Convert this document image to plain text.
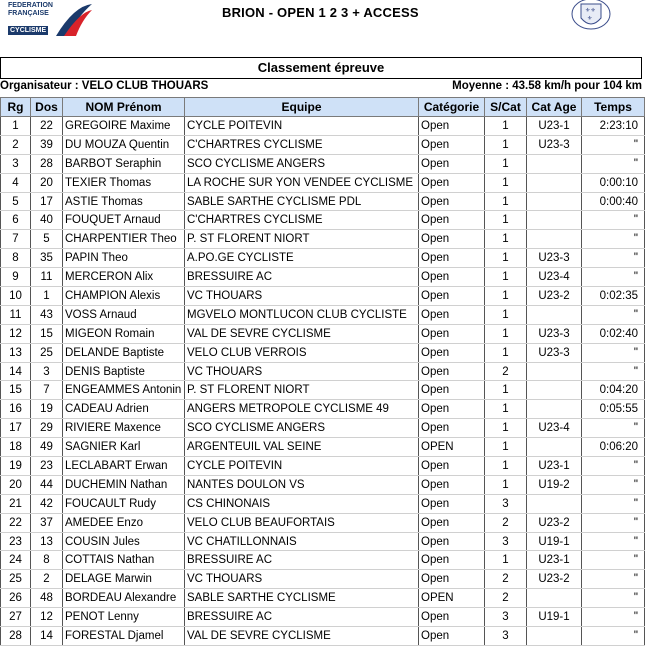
FEDERATION
FRANÇAISE
CYCLISME
BRION - OPEN 1 2 3 + ACCESS	⚜⚜
⚜
Classement épreuve
Organisateur : VELO CLUB THOUARS	Moyenne : 43.58 km/h pour 104 km
Rg	Dos	NOM Prénom	Equipe	Catégorie	S/Cat	Cat Age	Temps
1	22	GREGOIRE Maxime	CYCLE POITEVIN	Open	1	U23-1	2:23:10
2	39	DU MOUZA Quentin	C'CHARTRES CYCLISME	Open	1	U23-3	"
3	28	BARBOT Seraphin	SCO CYCLISME ANGERS	Open	1		"
4	20	TEXIER Thomas	LA ROCHE SUR YON VENDEE CYCLISME	Open	1		0:00:10
5	17	ASTIE Thomas	SABLE SARTHE CYCLISME PDL	Open	1		0:00:40
6	40	FOUQUET Arnaud	C'CHARTRES CYCLISME	Open	1		"
7	5	CHARPENTIER Theo	P. ST FLORENT NIORT	Open	1		"
8	35	PAPIN Theo	A.PO.GE CYCLISTE	Open	1	U23-3	"
9	11	MERCERON Alix	BRESSUIRE AC	Open	1	U23-4	"
10	1	CHAMPION Alexis	VC THOUARS	Open	1	U23-2	0:02:35
11	43	VOSS Arnaud	MGVELO MONTLUCON CLUB CYCLISTE	Open	1		"
12	15	MIGEON Romain	VAL DE SEVRE CYCLISME	Open	1	U23-3	0:02:40
13	25	DELANDE Baptiste	VELO CLUB VERROIS	Open	1	U23-3	"
14	3	DENIS Baptiste	VC THOUARS	Open	2		"
15	7	ENGEAMMES Antonin	P. ST FLORENT NIORT	Open	1		0:04:20
16	19	CADEAU Adrien	ANGERS METROPOLE CYCLISME 49	Open	1		0:05:55
17	29	RIVIERE Maxence	SCO CYCLISME ANGERS	Open	1	U23-4	"
18	49	SAGNIER Karl	ARGENTEUIL VAL SEINE	OPEN	1		0:06:20
19	23	LECLABART Erwan	CYCLE POITEVIN	Open	1	U23-1	"
20	44	DUCHEMIN Nathan	NANTES DOULON VS	Open	1	U19-2	"
21	42	FOUCAULT Rudy	CS CHINONAIS	Open	3		"
22	37	AMEDEE Enzo	VELO CLUB BEAUFORTAIS	Open	2	U23-2	"
23	13	COUSIN Jules	VC CHATILLONNAIS	Open	3	U19-1	"
24	8	COTTAIS Nathan	BRESSUIRE AC	Open	1	U23-1	"
25	2	DELAGE Marwin	VC THOUARS	Open	2	U23-2	"
26	48	BORDEAU Alexandre	SABLE SARTHE CYCLISME	OPEN	2		"
27	12	PENOT Lenny	BRESSUIRE AC	Open	3	U19-1	"
28	14	FORESTAL Djamel	VAL DE SEVRE CYCLISME	Open	3		"
